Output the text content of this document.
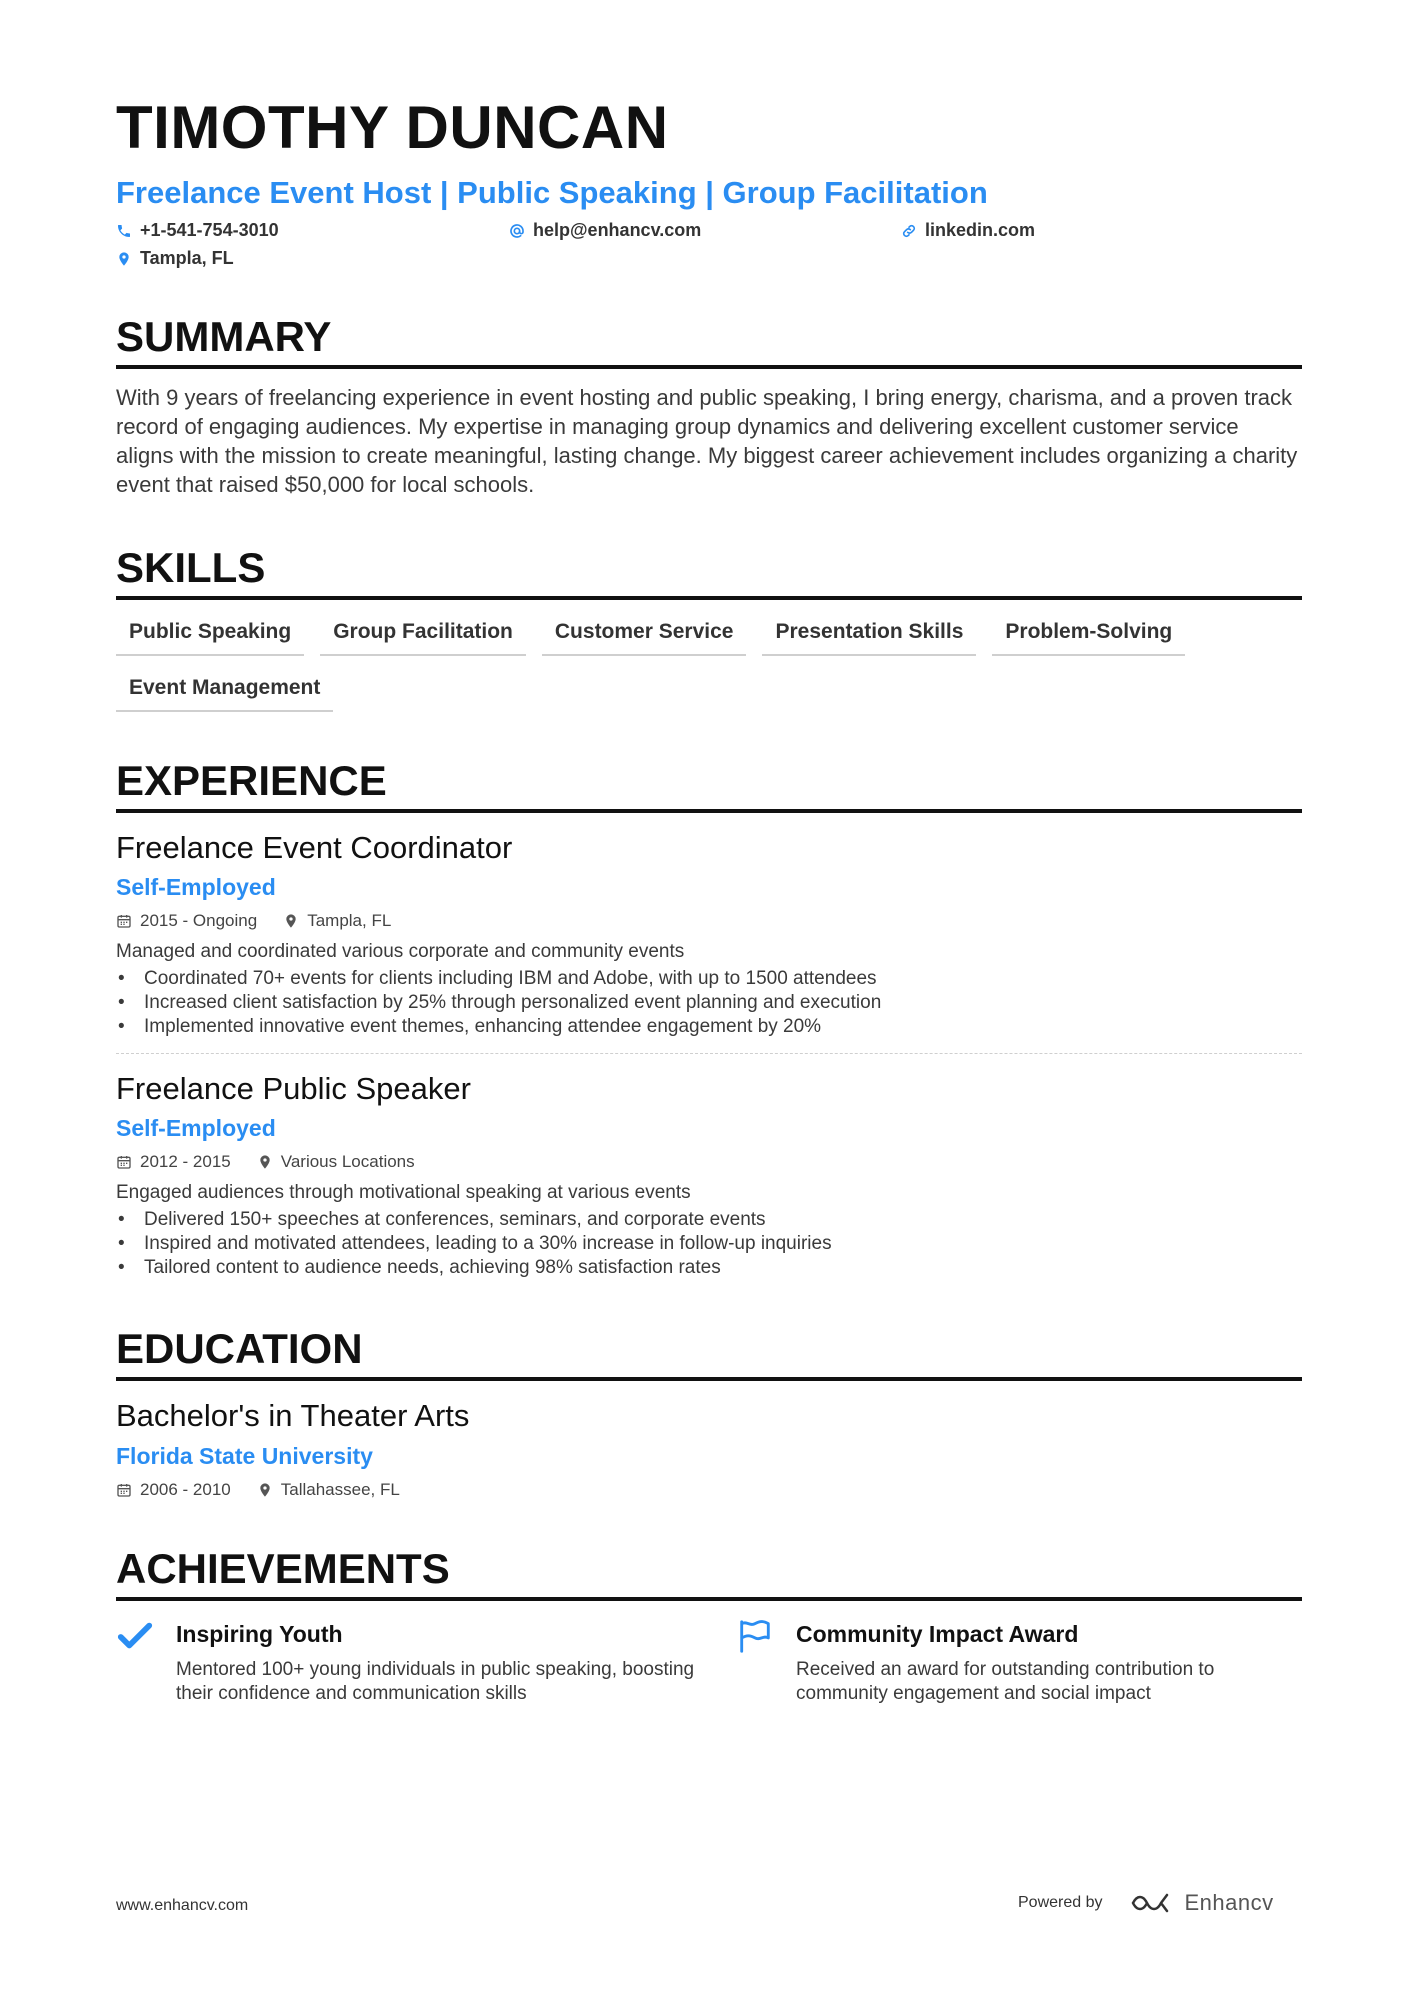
TIMOTHY DUNCAN
Freelance Event Host | Public Speaking | Group Facilitation
+1-541-754-3010	help@enhancv.com	linkedin.com
Tampla, FL
SUMMARY
With 9 years of freelancing experience in event hosting and public speaking, I bring energy, charisma, and a proven track record of engaging audiences. My expertise in managing group dynamics and delivering excellent customer service aligns with the mission to create meaningful, lasting change. My biggest career achievement includes organizing a charity event that raised $50,000 for local schools.
SKILLS
Public Speaking	Group Facilitation	Customer Service	Presentation Skills	Problem-Solving
Event Management
EXPERIENCE
Freelance Event Coordinator
Self-Employed
2015 - Ongoing	Tampla, FL
Managed and coordinated various corporate and community events
• Coordinated 70+ events for clients including IBM and Adobe, with up to 1500 attendees
• Increased client satisfaction by 25% through personalized event planning and execution
• Implemented innovative event themes, enhancing attendee engagement by 20%
Freelance Public Speaker
Self-Employed
2012 - 2015	Various Locations
Engaged audiences through motivational speaking at various events
• Delivered 150+ speeches at conferences, seminars, and corporate events
• Inspired and motivated attendees, leading to a 30% increase in follow-up inquiries
• Tailored content to audience needs, achieving 98% satisfaction rates
EDUCATION
Bachelor's in Theater Arts
Florida State University
2006 - 2010	Tallahassee, FL
ACHIEVEMENTS
Inspiring Youth
Mentored 100+ young individuals in public speaking, boosting their confidence and communication skills
Community Impact Award
Received an award for outstanding contribution to community engagement and social impact
www.enhancv.com	Powered by	Enhancv
